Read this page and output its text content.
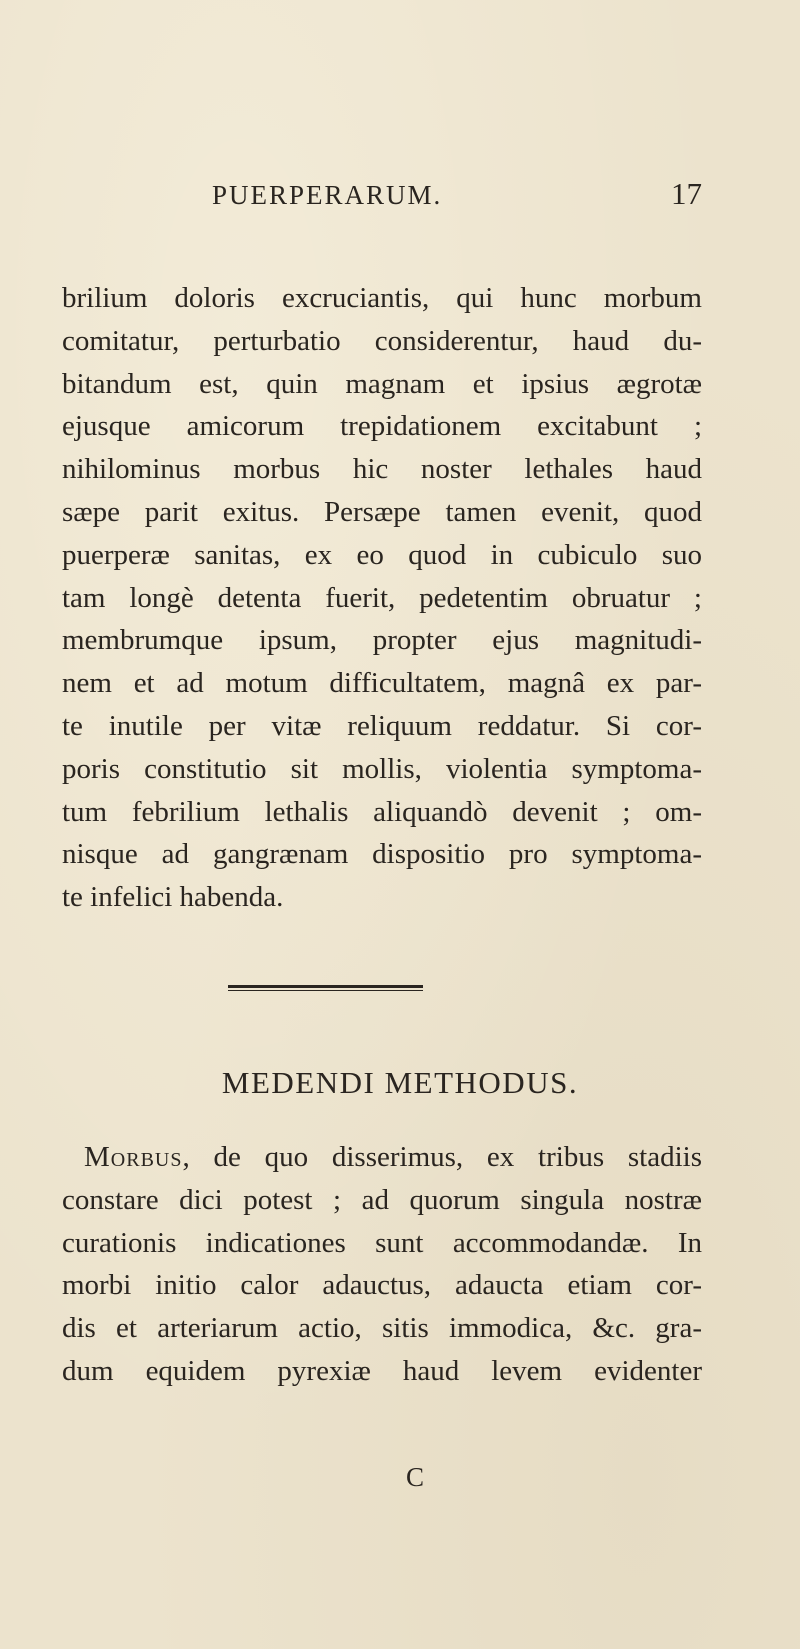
PUERPERARUM.	17
brilium doloris excruciantis, qui hunc morbum
comitatur, perturbatio considerentur, haud du-
bitandum est, quin magnam et ipsius ægrotæ
ejusque amicorum trepidationem excitabunt ;
nihilominus morbus hic noster lethales haud
sæpe parit exitus. Persæpe tamen evenit, quod
puerperæ sanitas, ex eo quod in cubiculo suo
tam longè detenta fuerit, pedetentim obruatur ;
membrumque ipsum, propter ejus magnitudi-
nem et ad motum difficultatem, magnâ ex par-
te inutile per vitæ reliquum reddatur. Si cor-
poris constitutio sit mollis, violentia symptoma-
tum febrilium lethalis aliquandò devenit ; om-
nisque ad gangrænam dispositio pro symptoma-
te infelici habenda.
MEDENDI METHODUS.
Morbus, de quo disserimus, ex tribus stadiis
constare dici potest ; ad quorum singula nostræ
curationis indicationes sunt accommodandæ. In
morbi initio calor adauctus, adaucta etiam cor-
dis et arteriarum actio, sitis immodica, &c. gra-
dum equidem pyrexiæ haud levem evidenter
C
